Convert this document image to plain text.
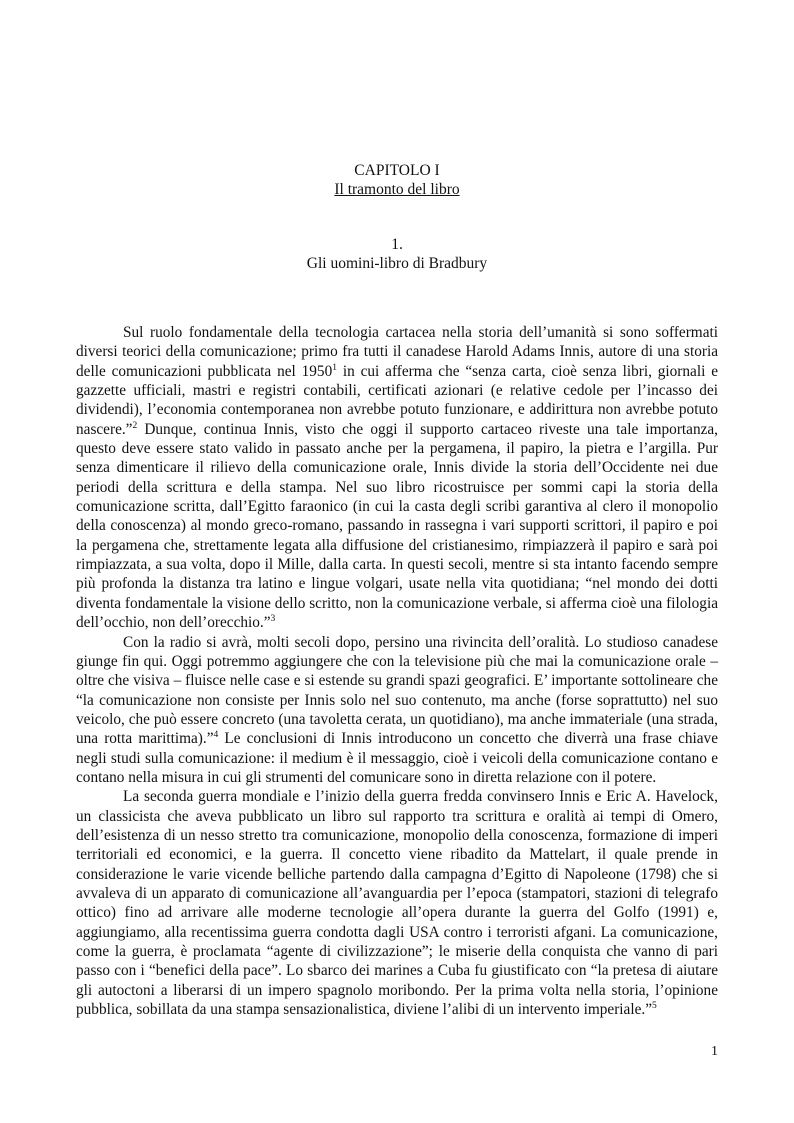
CAPITOLO I
Il tramonto del libro
1.
Gli uomini-libro di Bradbury

Sul ruolo fondamentale della tecnologia cartacea nella storia dell’umanità si sono soffermati diversi teorici della comunicazione; primo fra tutti il canadese Harold Adams Innis, autore di una storia delle comunicazioni pubblicata nel 1950$^1$ in cui afferma che “senza carta, cioè senza libri, giornali e gazzette ufficiali, mastri e registri contabili, certificati azionari (e relative cedole per l’incasso dei dividendi), l’economia contemporanea non avrebbe potuto funzionare, e addirittura non avrebbe potuto nascere.”$^2$ Dunque, continua Innis, visto che oggi il supporto cartaceo riveste una tale importanza, questo deve essere stato valido in passato anche per la pergamena, il papiro, la pietra e l’argilla. Pur senza dimenticare il rilievo della comunicazione orale, Innis divide la storia dell’Occidente nei due periodi della scrittura e della stampa. Nel suo libro ricostruisce per sommi capi la storia della comunicazione scritta, dall’Egitto faraonico (in cui la casta degli scribi garantiva al clero il monopolio della conoscenza) al mondo greco-romano, passando in rassegna i vari supporti scrittori, il papiro e poi la pergamena che, strettamente legata alla diffusione del cristianesimo, rimpiazzerà il papiro e sarà poi rimpiazzata, a sua volta, dopo il Mille, dalla carta. In questi secoli, mentre si sta intanto facendo sempre più profonda la distanza tra latino e lingue volgari, usate nella vita quotidiana; “nel mondo dei dotti diventa fondamentale la visione dello scritto, non la comunicazione verbale, si afferma cioè una filologia dell’occhio, non dell’orecchio.”$^3$

Con la radio si avrà, molti secoli dopo, persino una rivincita dell’oralità. Lo studioso canadese giunge fin qui. Oggi potremmo aggiungere che con la televisione più che mai la comunicazione orale – oltre che visiva – fluisce nelle case e si estende su grandi spazi geografici. E’ importante sottolineare che “la comunicazione non consiste per Innis solo nel suo contenuto, ma anche (forse soprattutto) nel suo veicolo, che può essere concreto (una tavoletta cerata, un quotidiano), ma anche immateriale (una strada, una rotta marittima).”$^4$ Le conclusioni di Innis introducono un concetto che diverrà una frase chiave negli studi sulla comunicazione: il medium è il messaggio, cioè i veicoli della comunicazione contano e contano nella misura in cui gli strumenti del comunicare sono in diretta relazione con il potere.

La seconda guerra mondiale e l’inizio della guerra fredda convinsero Innis e Eric A. Havelock, un classicista che aveva pubblicato un libro sul rapporto tra scrittura e oralità ai tempi di Omero, dell’esistenza di un nesso stretto tra comunicazione, monopolio della conoscenza, formazione di imperi territoriali ed economici, e la guerra. Il concetto viene ribadito da Mattelart, il quale prende in considerazione le varie vicende belliche partendo dalla campagna d’Egitto di Napoleone (1798) che si avvaleva di un apparato di comunicazione all’avanguardia per l’epoca (stampatori, stazioni di telegrafo ottico) fino ad arrivare alle moderne tecnologie all’opera durante la guerra del Golfo (1991) e, aggiungiamo, alla recentissima guerra condotta dagli USA contro i terroristi afgani. La comunicazione, come la guerra, è proclamata “agente di civilizzazione”; le miserie della conquista che vanno di pari passo con i “benefici della pace”. Lo sbarco dei marines a Cuba fu giustificato con “la pretesa di aiutare gli autoctoni a liberarsi di un impero spagnolo moribondo. Per la prima volta nella storia, l’opinione pubblica, sobillata da una stampa sensazionalistica, diviene l’alibi di un intervento imperiale.”$^5$

1
